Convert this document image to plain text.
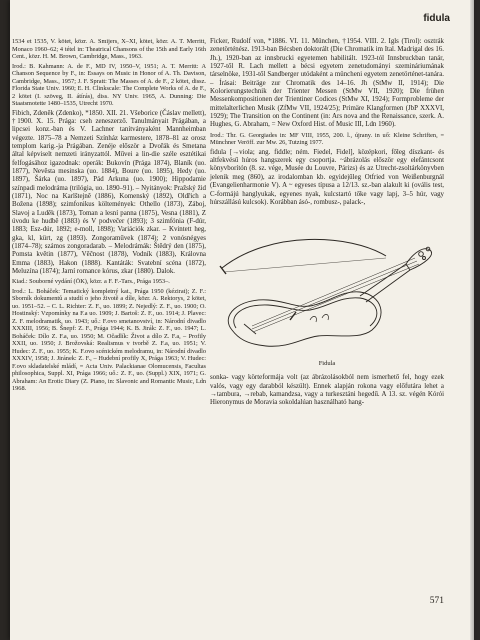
fidula

1534 et 1535, V. kötet, közr. A. Smijers, X–XI, kötet, közr. A. T. Merritt, Monaco 1960–62; 4 tétel in: Theatrical Chansons of the 15th and Early 16th Cent., közr. H. M. Brown, Cambridge, Mass., 1963.

Irod.: B. Kahmann: A. de F., MD IV, 1950–V, 1951; A. T. Merritt: A Chanson Sequence by F., in: Essays on Music in Honor of A. Th. Davison, Cambridge, Mass., 1957; J. F. Spratt: The Masses of A. de F., 2 kötet, dissz. Florida State Univ. 1960; E. H. Clinkscale: The Complete Works of A. de F., 2 kötet (I. szöveg, II. átírás), diss. NY Univ. 1965, A. Dunning: Die Staatsmotette 1480–1535, Utrecht 1970.

Fibich, Zdeněk (Zdenko), *1850. XII. 21. Všeborice (Čáslav mellett), †1900. X. 15. Prága: cseh zeneszerző. Tanulmányait Prágában, a lipcsei konz.-ban és V. Lachner tanítványaként Mannheimban végezte. 1875–78 a Nemzeti Színház karmestere, 1878–81 az orosz templom karig.-ja Prágában. Zenéje először a Dvořák és Smetana által képviselt nemzeti irányzattól. Művei a lin-die széle esztétikai felfogásához igazodnak: operák: Bukovín (Prága 1874), Blaník (uo. 1877), Nevěsta mesinska (uo. 1884), Boure (uo. 1895), Hedy (uo. 1897), Šárka (uo. 1897), Pád Arkuna (uo. 1900); Hippodamie színpadi melodráma (trilógia, uo. 1890–91). – Nyitányok: Pražský žid (1871), Noc na Karlštejně (1886), Komenský (1892), Oldřich a Božena (1898); szimfonikus költemények: Othello (1873), Záboj, Slavoj a Luděk (1873), Toman a lesní panna (1875), Vesna (1881), Z úvodu ke hudbě (1883) és V podvečer (1893); 3 szimfónia (F-dúr, 1883; Esz-dúr, 1892; e-moll, 1898); Variációk zkar. – Kvintett heg, gka, kl, kürt, zg (1893). Zongoraművek (1874); 2 vonósnégyes (1874–78); számos zongoradarab. – Melodrámák: Štědrý den (1875), Pomsta květin (1877), Věčnost (1878), Vodník (1883), Královna Emma (1883), Hakon (1888). Kantáták: Svatební scéna (1872), Meluzína (1874); Jarní romance kórus, zkar (1880). Dalok.

Kiad.: Souborné vydání (ÖK), közr. a F. F.-Tars., Prága 1953–.

Irod.: L. Boháček: Tematický kompletný kat., Prága 1950 (kézirat); Z. F.: Sborník dokumentů a studií o jeho životě a díle, közr. A. Rektorys, 2 kötet, uo. 1951–52. – C. L. Richter: Z. F., uo. 1899; Z. Nejedlý: Z. F., uo. 1900; O. Hostinský: Vzpomínky na F.a uo. 1909; J. Bartoš: Z. F., uo. 1914; J. Plavec: Z. F. melodramatik, uo. 1943; uő.: F.ovo smetanovství, in: Národní divadlo XXXIII, 1956; B. Šnepf: Z. F., Prága 1944; K. B. Jirák: Z. F., uo. 1947; L. Boháček: Dílo Z. F.a, uo. 1950; M. Očadlík: Život a dílo Z. F.a, – Profily XXII, uo. 1950; J. Brožovská: Realismus v tvorbě Z. F.a, uo. 1951; V. Hudec: Z. F., uo. 1955; K. F.ovo scénickém melodramu, in: Národní divadlo XXXIV, 1958; J. Jiránek: Z. F., – Hudební profily X, Prága 1963; V. Hudec: F.ovo skladatelské mládí, = Acta Univ. Palackianae Olomucensis, Facultas philosophica, Suppl. XI, Prága 1966; uő.: Z. F., uo. (Suppl.) XIX, 1971; G. Abraham: An Erotic Diary (Z. Piano, in: Slavonic and Romantic Music, Ldn 1968.

Ficker, Rudolf von, *1886. VI. 11. München, †1954. VIII. 2. Igls (Tirol): osztrák zenetörténész. 1913-ban Bécsben doktorált (Die Chromatik im Ital. Madrigal des 16. Jh.), 1920-ban az innsbrucki egyetemen habilitált. 1923-tól Innsbruckban tanár, 1927-től R. Lach mellett a bécsi egyetem zenetudományi szemináriumának társelnöke, 1931-től Sandberger utódaként a müncheni egyetem zenetörténet-tanára. – Írásai: Beiträge zur Chromatik des 14–16. Jh (StMw II, 1914); Die Kolorierungstechnik der Trienter Messen (StMw VII, 1920); Die frühen Messenkompositionen der Trientiner Codices (StMw XI, 1924); Formprobleme der mittelalterlichen Musik (ZfMw VII, 1924/25); Primäre Klangformen (JbP XXXVI, 1929); The Transition on the Continent (in: Ars nova and the Renaissance, szerk. A. Hughes, G. Abraham, = New Oxford Hist. of Music III, Ldn 1960).

Irod.: Thr. G. Georgiades in: MF VIII, 1955, 200. l., újrany. in uő: Kleine Schriften, = Münchner Veröff. zur Mw. 26, Tutzing 1977.

fidula [→viola; ang. fiddle; ném. Fiedel, Fidel], középkori, főleg díszkant- és altfekvésű húros hangszerek egy csoportja. ~ábrázolás először egy elefántcsont könyvborítón (8. sz. vége, Musée du Louvre, Párizs) és az Utrecht-zsoltárkönyvben jelenik meg (860), az irodalomban kb. egyidejűleg Otfried von Weißenburgnál (Evangelienharmonie V). A ~ egyeses típusa a 12/13. sz.-ban alakult ki (ovális test, C-formájú hanglyukak, egyenes nyak, kulcstartó tőke vagy lapj, 3–5 húr, vagy húrszállású kulcsok). Korábban ásó-, rombusz-, palack-,

Fidula

sonka- vagy körteformája volt (az ábrázolásokból nem ismerhető fel, hogy ezek valós, vagy egy darabból készült). Ennek alapján rokona vagy előfutára lehet a →tambura, →rebab, kamandzsa, vagy a turkesztáni hegedű. A 13. sz. végén Kórói Hieronymus de Moravia sokoldalúan használható hang-

571
